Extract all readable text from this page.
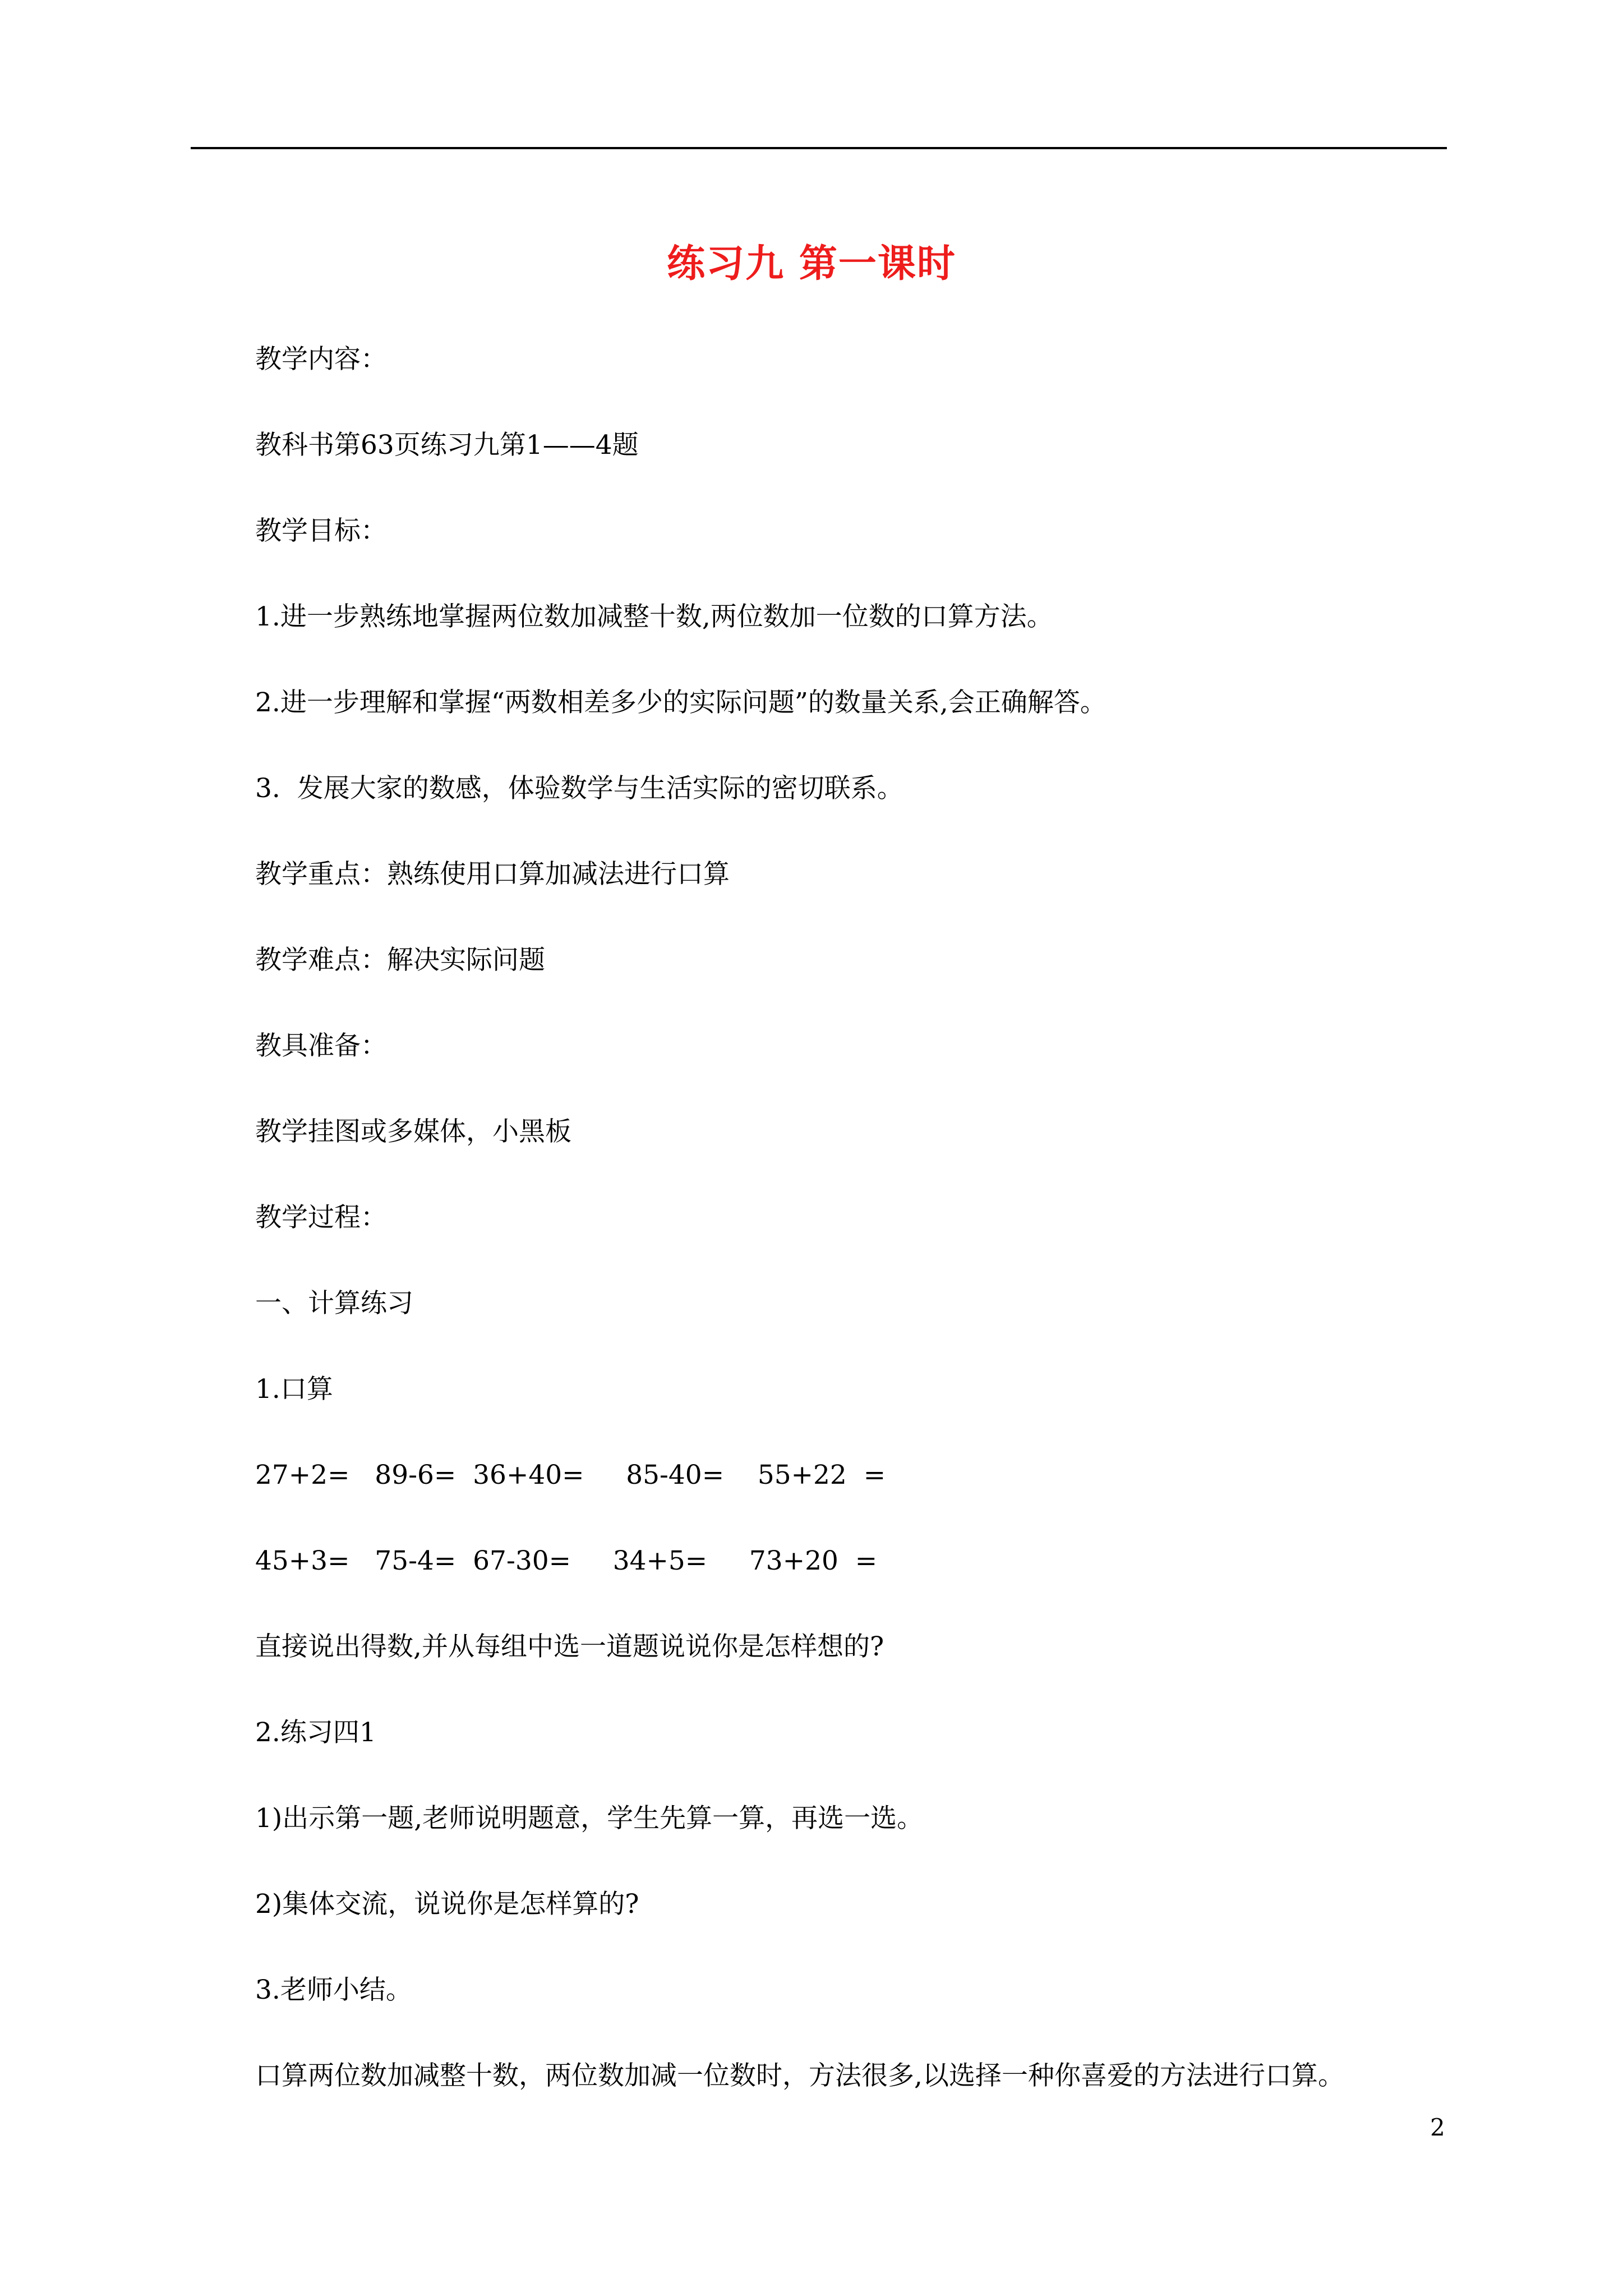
练习九 第一课时
教学内容：
教科书第63页练习九第1——4题
教学目标：
1.进一步熟练地掌握两位数加减整十数,两位数加一位数的口算方法。
2.进一步理解和掌握“两数相差多少的实际问题”的数量关系,会正确解答。
3.  发展大家的数感，体验数学与生活实际的密切联系。
教学重点：熟练使用口算加减法进行口算
教学难点：解决实际问题
教具准备：
教学挂图或多媒体，小黑板
教学过程：
一、计算练习
1.口算
27+2=   89-6=  36+40=     85-40=    55+22  =
45+3=   75-4=  67-30=     34+5=     73+20  =
直接说出得数,并从每组中选一道题说说你是怎样想的?
2.练习四1
1)出示第一题,老师说明题意，学生先算一算，再选一选。
2)集体交流，说说你是怎样算的?
3.老师小结。
口算两位数加减整十数，两位数加减一位数时，方法很多,以选择一种你喜爱的方法进行口算。
2
